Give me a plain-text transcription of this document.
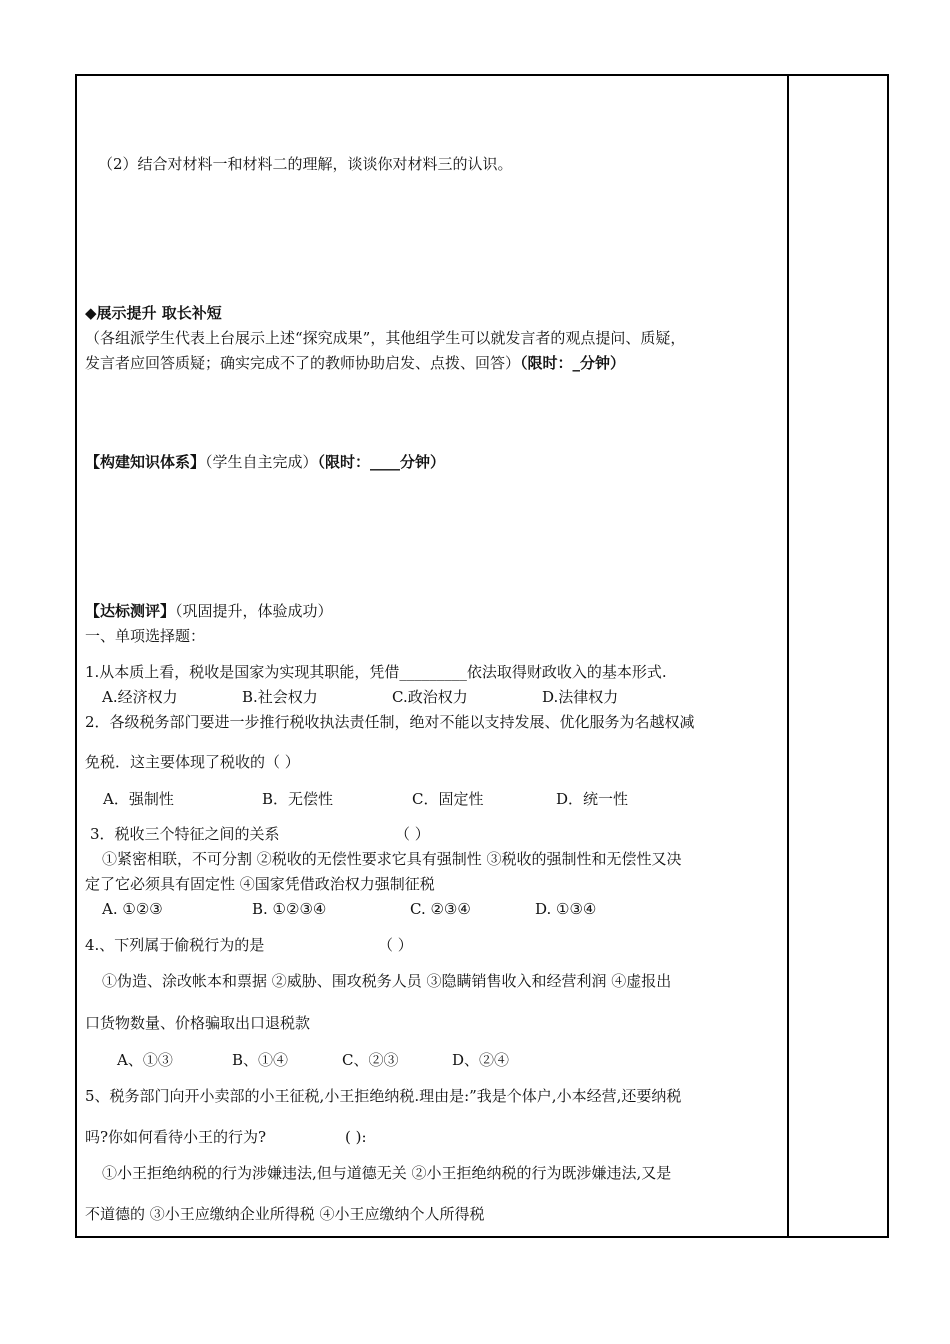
（2）结合对材料一和材料二的理解，谈谈你对材料三的认识。
◆展示提升 取长补短
（各组派学生代表上台展示上述“探究成果”，其他组学生可以就发言者的观点提问、质疑，
发言者应回答质疑；确实完成不了的教师协助启发、点拨、回答）（限时：_分钟）
【构建知识体系】（学生自主完成）（限时：____分钟）
【达标测评】（巩固提升，体验成功）
一、单项选择题：
1.从本质上看，税收是国家为实现其职能，凭借_________依法取得财政收入的基本形式.
A.经济权力	B.社会权力	C.政治权力	D.法律权力
2．各级税务部门要进一步推行税收执法责任制，绝对不能以支持发展、优化服务为名越权减
免税．这主要体现了税收的（ ）
A．强制性	B．无偿性	C．固定性	D．统一性
3．税收三个特征之间的关系	（ ）
①紧密相联，不可分割 ②税收的无偿性要求它具有强制性 ③税收的强制性和无偿性又决
定了它必须具有固定性 ④国家凭借政治权力强制征税
A. ①②③	B. ①②③④	C. ②③④	D. ①③④
4.、下列属于偷税行为的是	（ ）
①伪造、涂改帐本和票据 ②威胁、围攻税务人员 ③隐瞒销售收入和经营利润 ④虚报出
口货物数量、价格骗取出口退税款
A、①③	B、①④	C、②③	D、②④
5、税务部门向开小卖部的小王征税,小王拒绝纳税.理由是:”我是个体户,小本经营,还要纳税
吗?你如何看待小王的行为?	( ):
①小王拒绝纳税的行为涉嫌违法,但与道德无关 ②小王拒绝纳税的行为既涉嫌违法,又是
不道德的 ③小王应缴纳企业所得税 ④小王应缴纳个人所得税
